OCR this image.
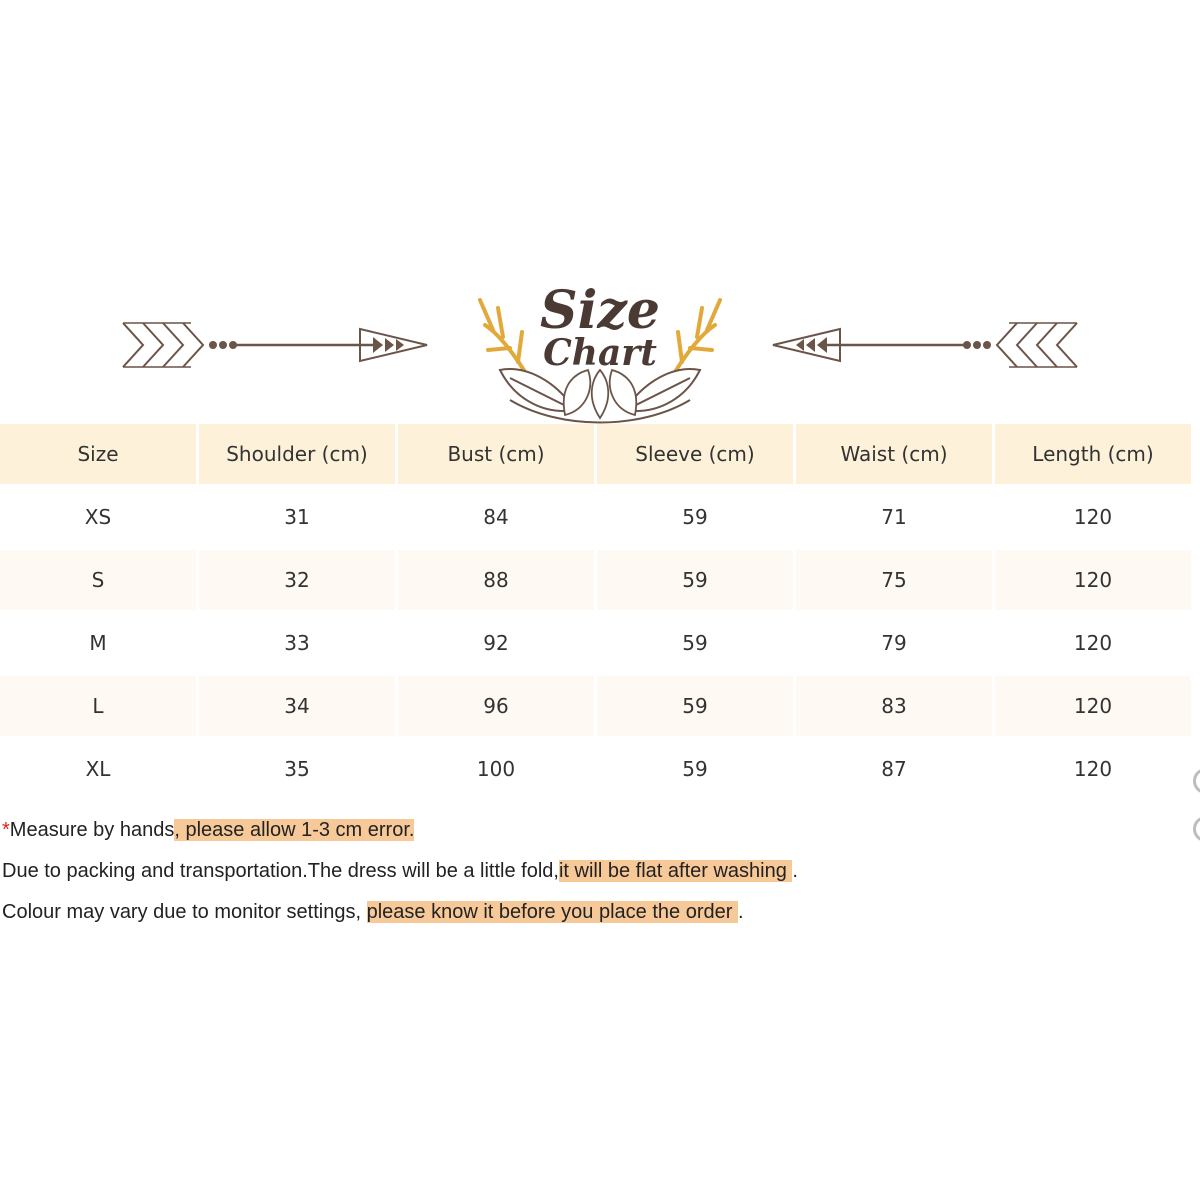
Size
Chart
Size	Shoulder (cm)	Bust (cm)	Sleeve (cm)	Waist (cm)	Length (cm)
XS	31	84	59	71	120
S	32	88	59	75	120
M	33	92	59	79	120
L	34	96	59	83	120
XL	35	100	59	87	120
*Measure by hands, please allow 1-3 cm error.
Due to packing and transportation.The dress will be a little fold,it will be flat after washing .
Colour may vary due to monitor settings, please know it before you place the order .
